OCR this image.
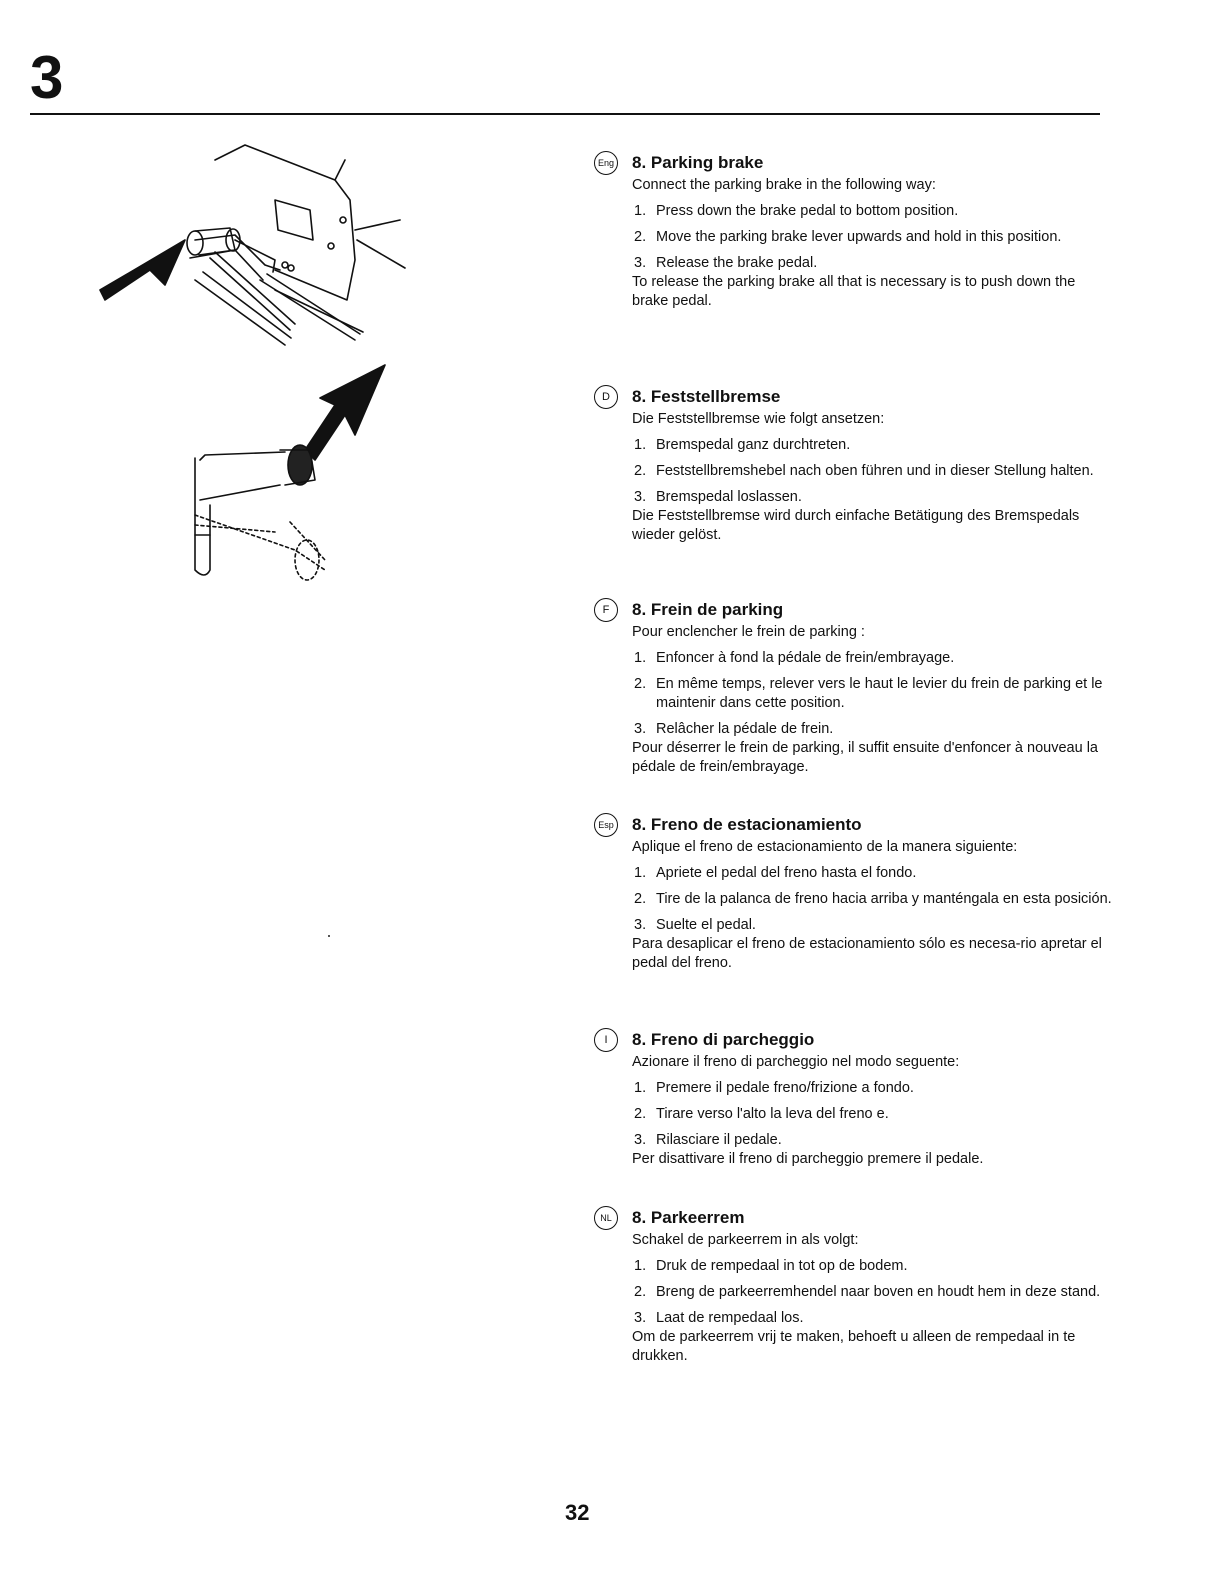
3
Eng 8. Parking brake

Connect the parking brake in the following way:

1. Press down the brake pedal to bottom position.
2. Move the parking brake lever upwards and hold in this position.
3. Release the brake pedal.

To release the parking brake all that is necessary is to push down the brake pedal.

D	8. Feststellbremse

Die Feststellbremse wie folgt ansetzen:

1. Bremspedal ganz durchtreten.
2. Feststellbremshebel nach oben führen und in dieser Stellung halten.
3. Bremspedal loslassen.

Die Feststellbremse wird durch einfache Betätigung des Bremspedals wieder gelöst.

F	8. Frein de parking

Pour enclencher le frein de parking :

1. Enfoncer à fond la pédale de frein/embrayage.
2. En même temps, relever vers le haut le levier du frein de parking et le maintenir dans cette position.
3. Relâcher la pédale de frein.

Pour déserrer le frein de parking, il suffit ensuite d'enfoncer à nouveau la pédale de frein/embrayage.

Esp 8. Freno de estacionamiento

Aplique el freno de estacionamiento de la manera siguiente:

1. Apriete el pedal del freno hasta el fondo.
2. Tire de la palanca de freno hacia arriba y manténgala en esta posición.
3. Suelte el pedal.

Para desaplicar el freno de estacionamiento sólo es necesa-rio apretar el pedal del freno.

I	8. Freno di parcheggio

Azionare il freno di parcheggio nel modo seguente:

1. Premere il pedale freno/frizione a fondo.
2. Tirare verso l'alto la leva del freno e.
3. Rilasciare il pedale.

Per disattivare il freno di parcheggio premere il pedale.

NL	8. Parkeerrem

Schakel de parkeerrem in als volgt:

1. Druk de rempedaal in tot op de bodem.
2. Breng de parkeerremhendel naar boven en houdt hem in deze stand.
3. Laat de rempedaal los.

Om de parkeerrem vrij te maken, behoeft u alleen de rempedaal in te drukken.

32
